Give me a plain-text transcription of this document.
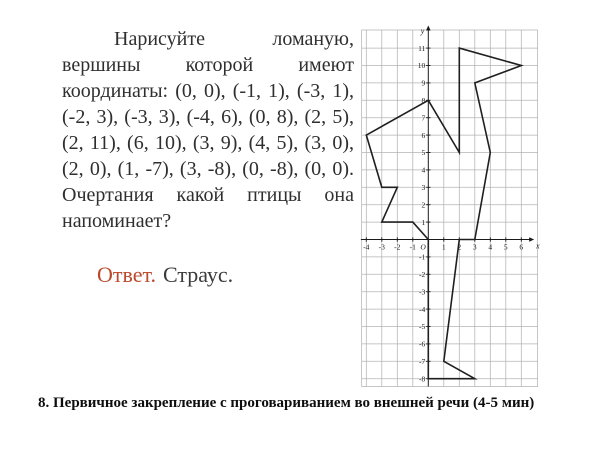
Нарисуйте ломаную,
вершины которой имеют
координаты: (0, 0), (-1, 1), (-3, 1),
(-2, 3), (-3, 3), (-4, 6), (0, 8), (2, 5),
(2, 11), (6, 10), (3, 9), (4, 5), (3, 0),
(2, 0), (1, -7), (3, -8), (0, -8), (0, 0).
Очертания какой птицы она
напоминает?
Ответ. Страус.
-4 -3 -2 -1	1 2 3 4 5 6
-8
-7
-6
-5
-4
-3
-2
-1
1
2
3
4
5
6
7
8
9
10
11
O	x
y
8. Первичное закрепление с проговариванием во внешней речи (4-5 мин)
